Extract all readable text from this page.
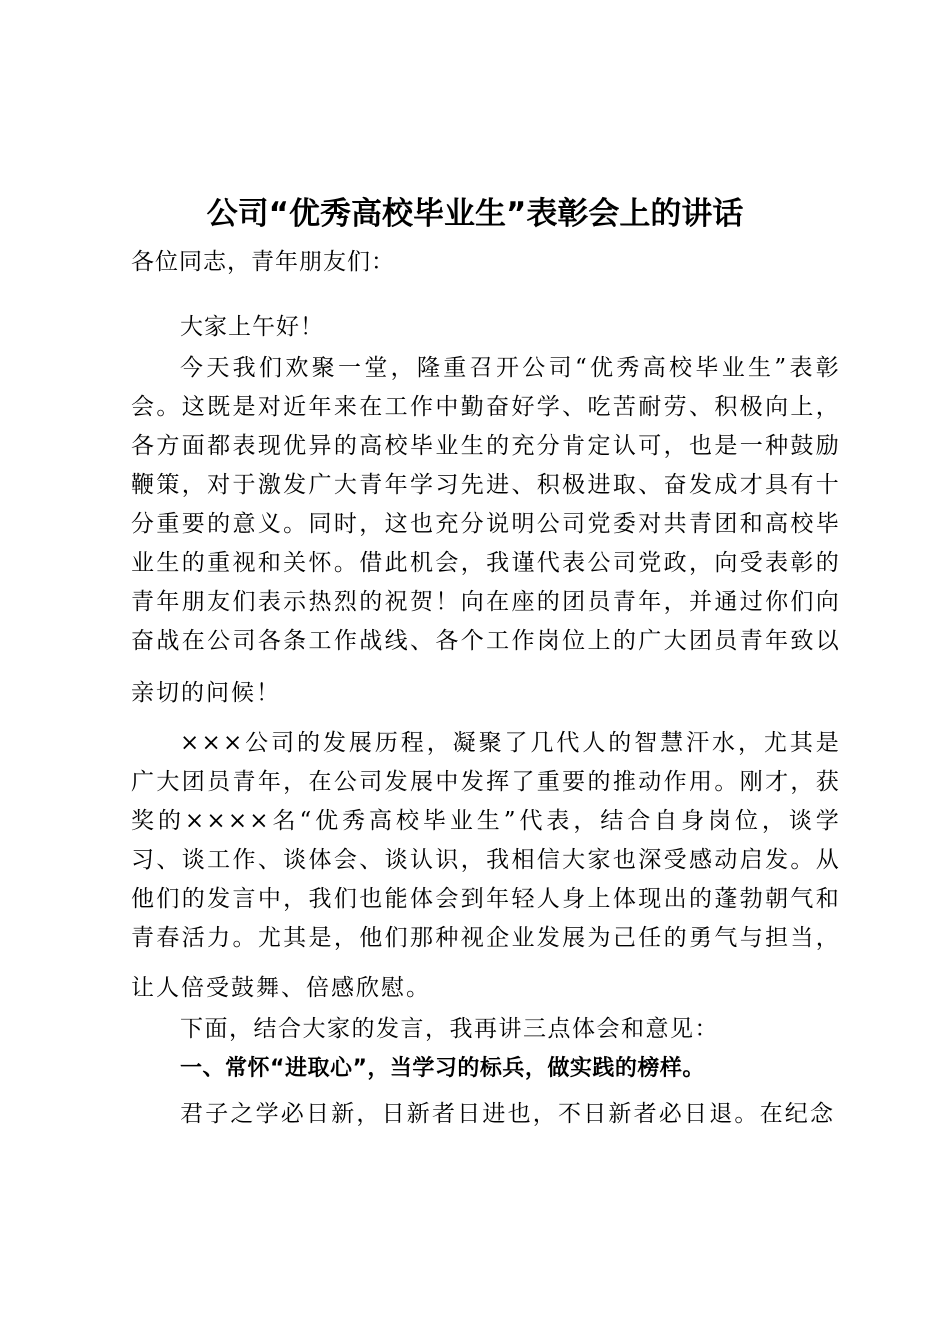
公司“优秀高校毕业生”表彰会上的讲话
各位同志，青年朋友们：
大家上午好！
今天我们欢聚一堂，隆重召开公司“优秀高校毕业生”表彰
会。这既是对近年来在工作中勤奋好学、吃苦耐劳、积极向上，
各方面都表现优异的高校毕业生的充分肯定认可，也是一种鼓励
鞭策，对于激发广大青年学习先进、积极进取、奋发成才具有十
分重要的意义。同时，这也充分说明公司党委对共青团和高校毕
业生的重视和关怀。借此机会，我谨代表公司党政，向受表彰的
青年朋友们表示热烈的祝贺！向在座的团员青年，并通过你们向
奋战在公司各条工作战线、各个工作岗位上的广大团员青年致以
亲切的问候！
×××公司的发展历程，凝聚了几代人的智慧汗水，尤其是
广大团员青年，在公司发展中发挥了重要的推动作用。刚才，获
奖的××××名“优秀高校毕业生”代表，结合自身岗位，谈学
习、谈工作、谈体会、谈认识，我相信大家也深受感动启发。从
他们的发言中，我们也能体会到年轻人身上体现出的蓬勃朝气和
青春活力。尤其是，他们那种视企业发展为己任的勇气与担当，
让人倍受鼓舞、倍感欣慰。
下面，结合大家的发言，我再讲三点体会和意见：
一、常怀“进取心”，当学习的标兵，做实践的榜样。
君子之学必日新，日新者日进也，不日新者必日退。在纪念
